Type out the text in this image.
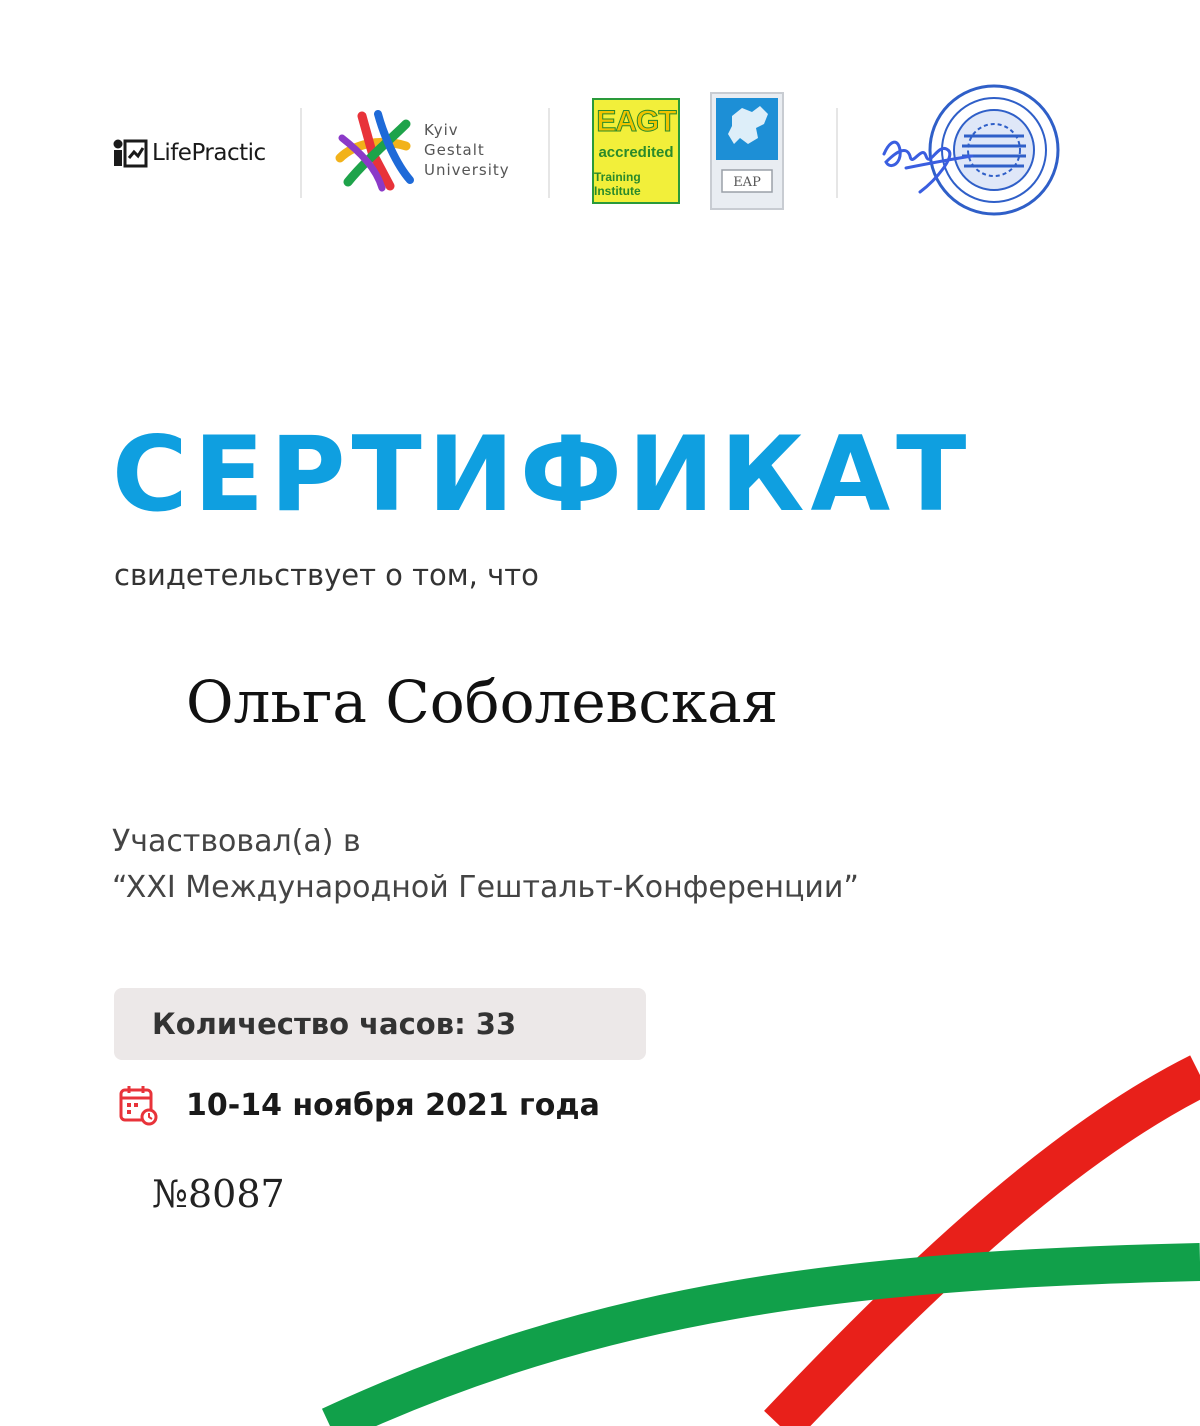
LifePractic
Kyiv
Gestalt
University
EAGT
accredited
Training Institute
EAP
СЕРТИФИКАТ
свидетельствует о том, что
Ольга Соболевская
Участвовал(а) в
“XXI Международной Гештальт-Конференции”
Количество часов: 33
10-14 ноября 2021 года
№8087
